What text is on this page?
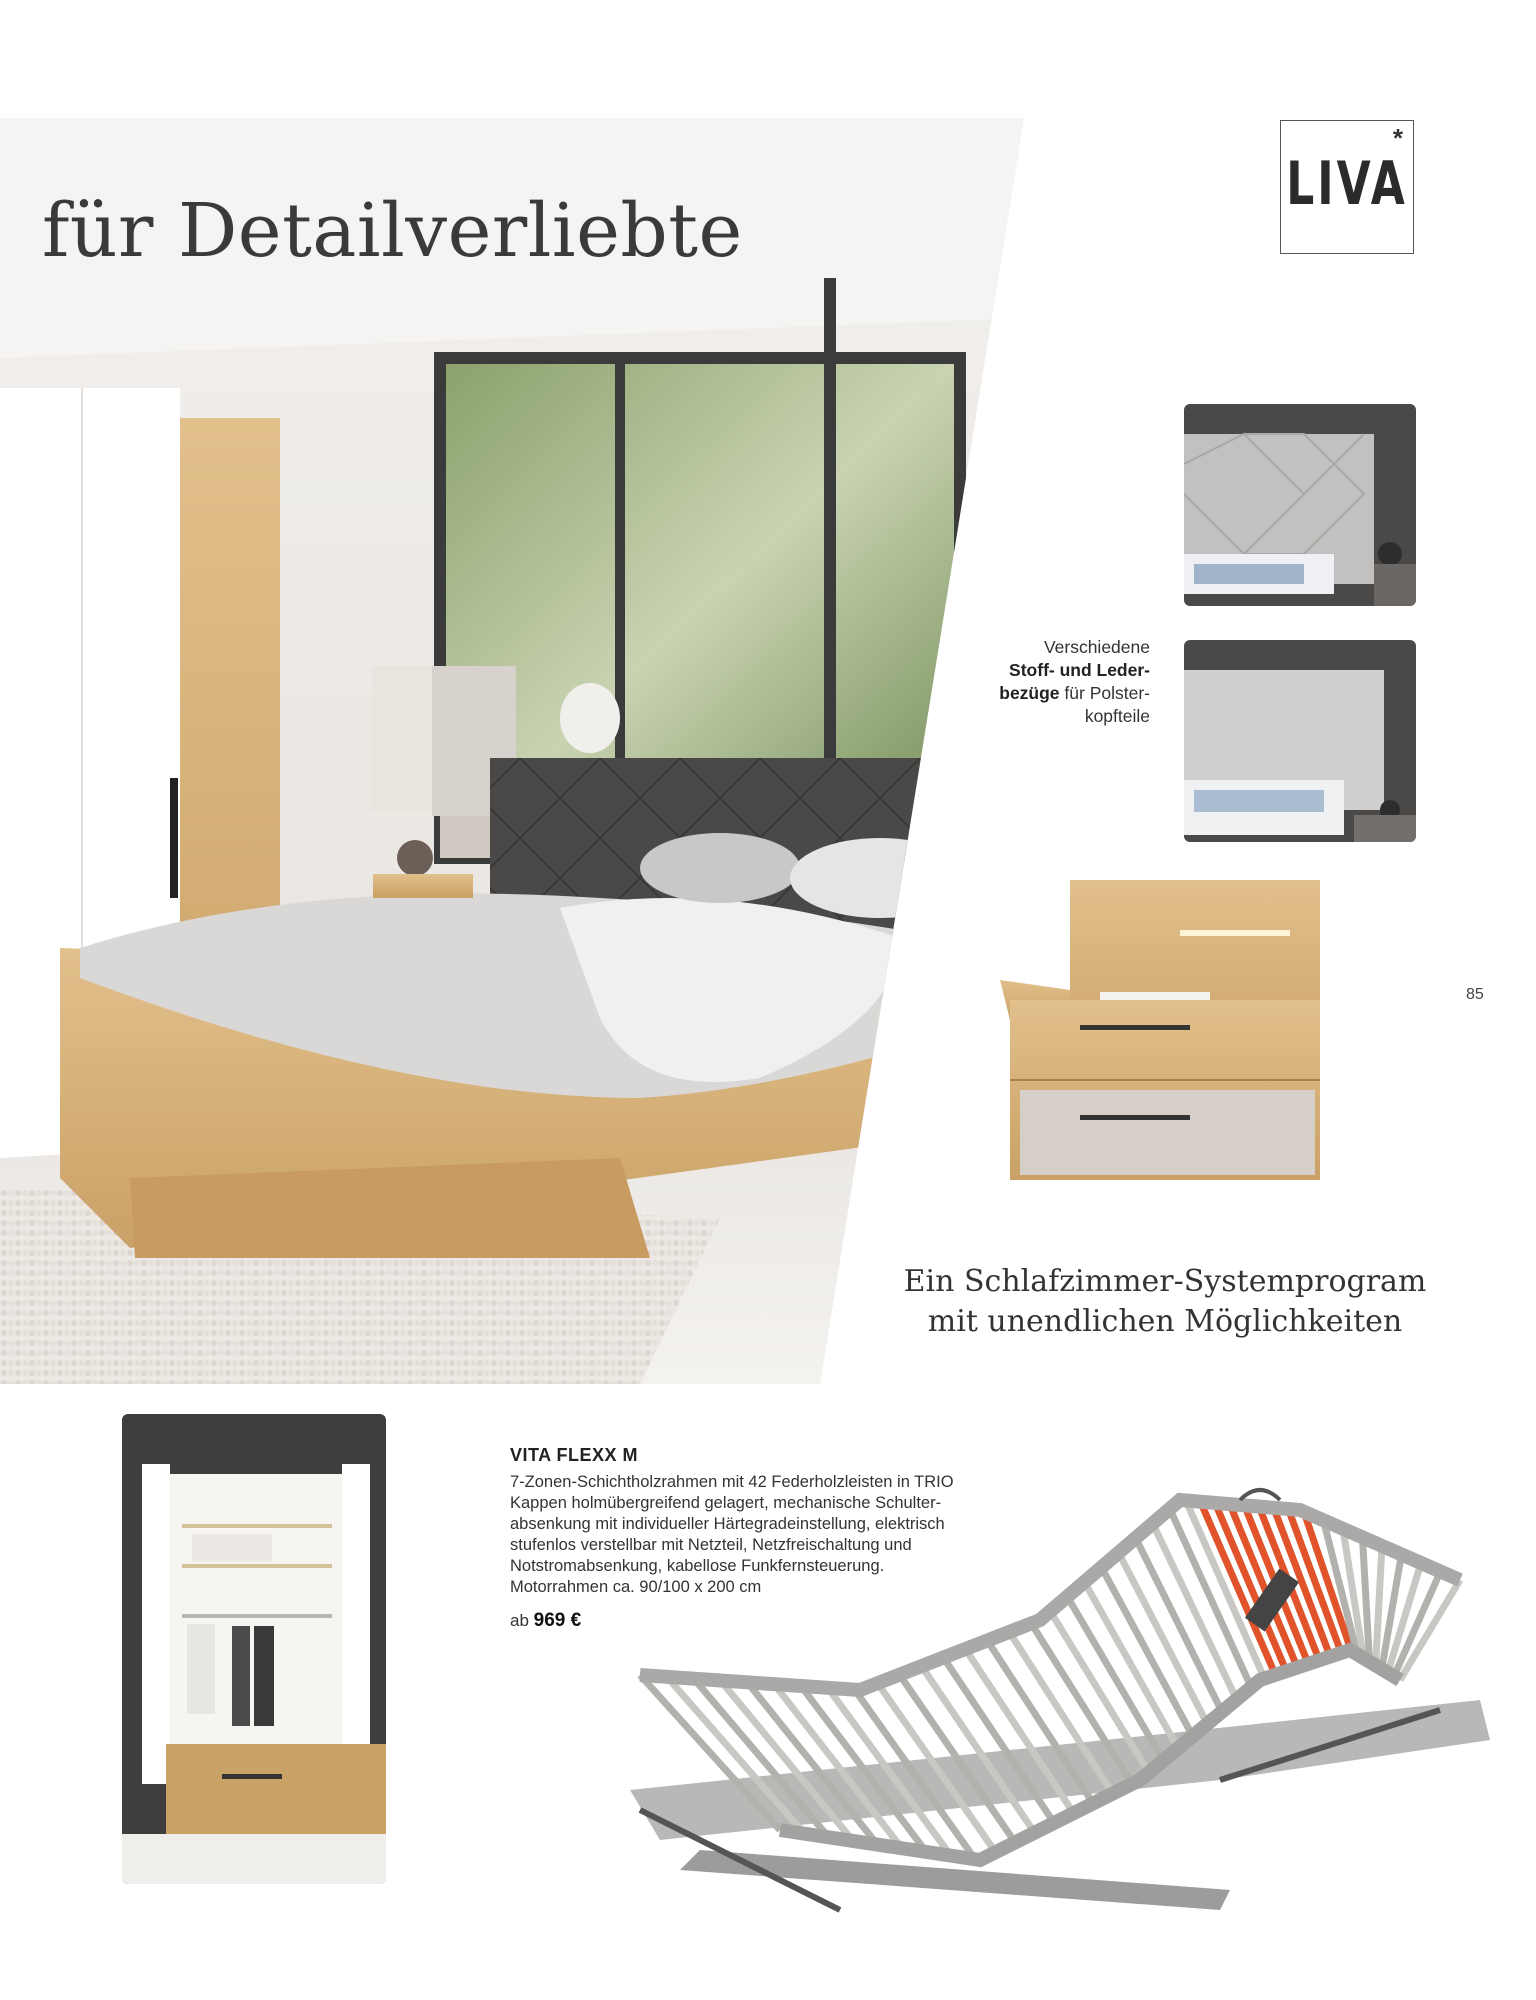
für Detailverliebte
LIVA
*
Verschiedene
Stoff- und Leder-
bezüge für Polster-
kopfteile
85
Ein Schlafzimmer-Systemprogram
mit unendlichen Möglichkeiten
VITA FLEXX M
7-Zonen-Schichtholzrahmen mit 42 Federholzleisten in TRIO
Kappen holmübergreifend gelagert, mechanische Schulter-
absenkung mit individueller Härtegradeinstellung, elektrisch
stufenlos verstellbar mit Netzteil, Netzfreischaltung und
Notstromabsenkung, kabellose Funkfernsteuerung.
Motorrahmen ca. 90/100 x 200 cm
ab 969 €
